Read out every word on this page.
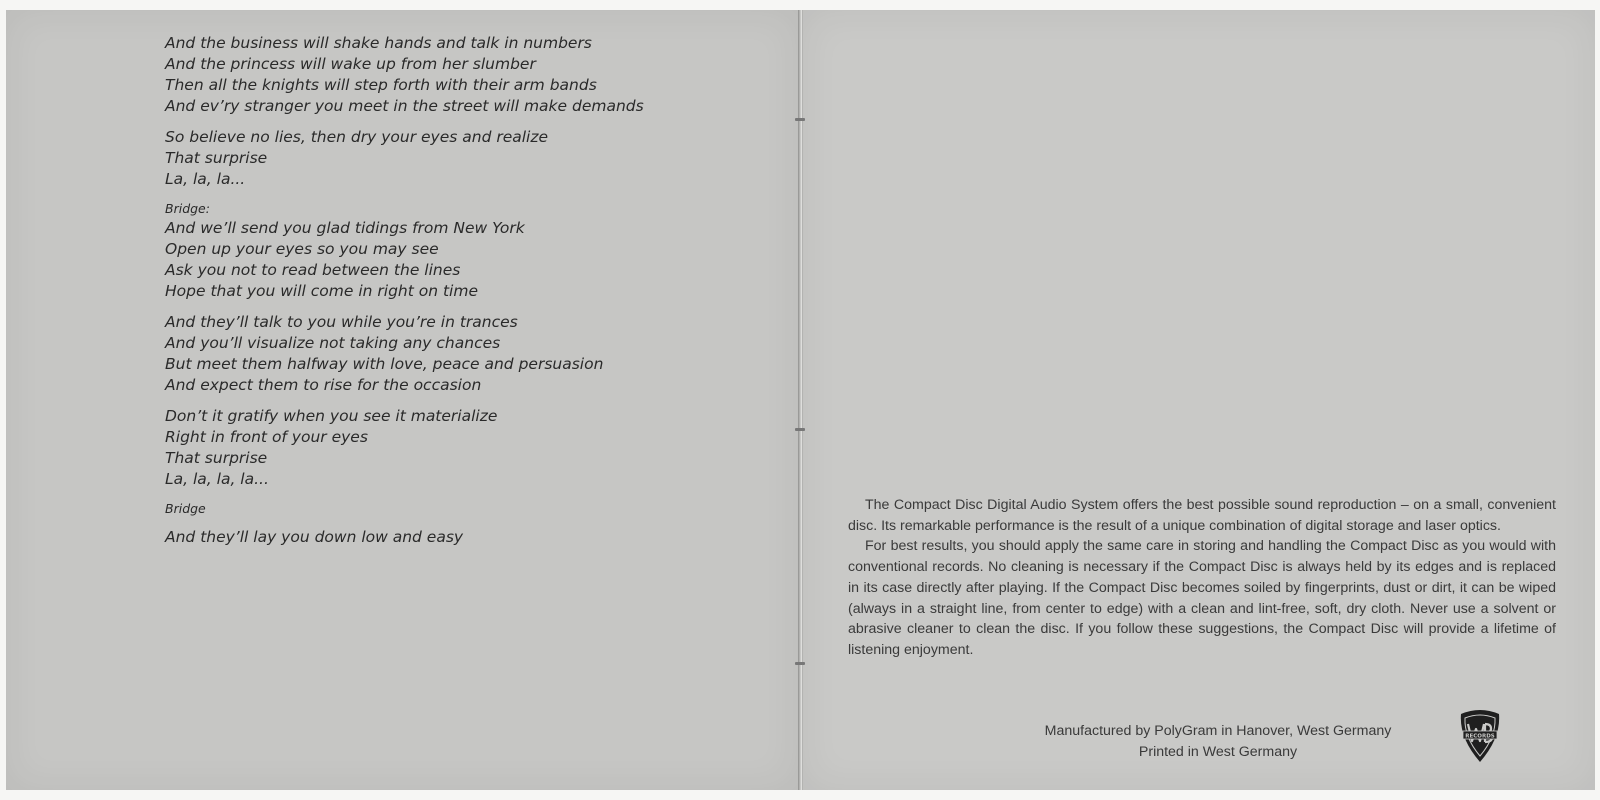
And the business will shake hands and talk in numbers
And the princess will wake up from her slumber
Then all the knights will step forth with their arm bands
And ev’ry stranger you meet in the street will make demands
So believe no lies, then dry your eyes and realize
That surprise
La, la, la...
Bridge:
And we’ll send you glad tidings from New York
Open up your eyes so you may see
Ask you not to read between the lines
Hope that you will come in right on time
And they’ll talk to you while you’re in trances
And you’ll visualize not taking any chances
But meet them halfway with love, peace and persuasion
And expect them to rise for the occasion
Don’t it gratify when you see it materialize
Right in front of your eyes
That surprise
La, la, la, la...
Bridge
And they’ll lay you down low and easy

The Compact Disc Digital Audio System offers the best possible sound reproduction – on a small, convenient disc. Its remarkable performance is the result of a unique combination of digital storage and laser optics.

For best results, you should apply the same care in storing and handling the Compact Disc as you would with conventional records. No cleaning is necessary if the Compact Disc is always held by its edges and is replaced in its case directly after playing. If the Compact Disc becomes soiled by fingerprints, dust or dirt, it can be wiped (always in a straight line, from center to edge) with a clean and lint-free, soft, dry cloth. Never use a solvent or abrasive cleaner to clean the disc. If you follow these suggestions, the Compact Disc will provide a lifetime of listening enjoyment.

Manufactured by PolyGram in Hanover, West Germany
Printed in West Germany
RECORDS
